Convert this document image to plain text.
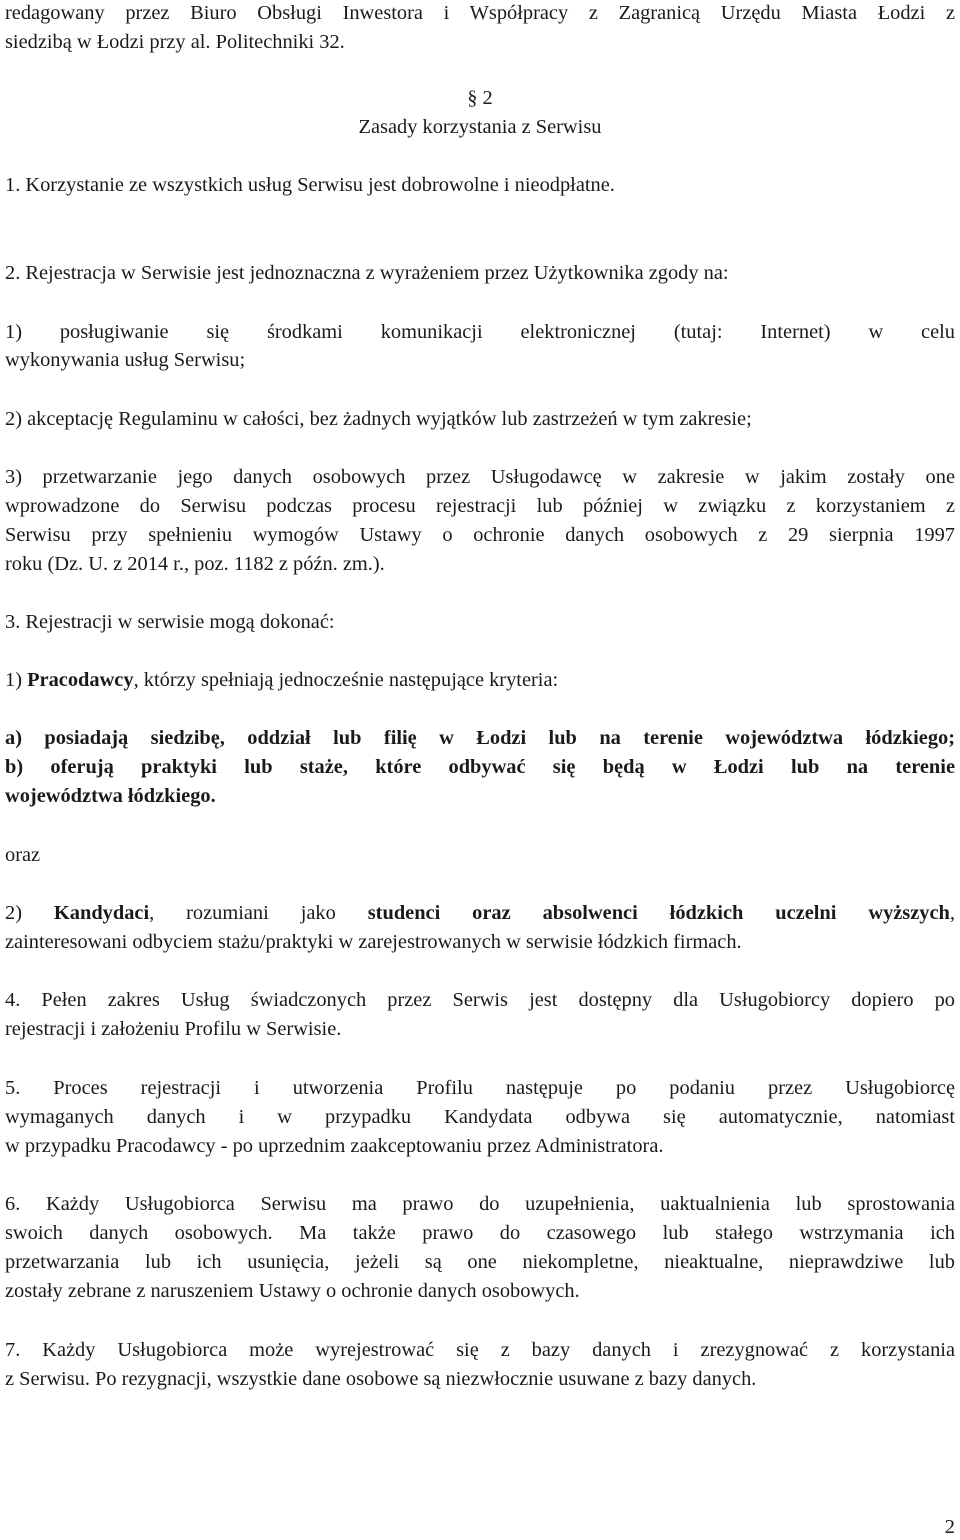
redagowany przez Biuro Obsługi Inwestora i Współpracy z Zagranicą Urzędu Miasta Łodzi z
siedzibą w Łodzi przy al. Politechniki 32.
§ 2
Zasady korzystania z Serwisu
1. Korzystanie ze wszystkich usług Serwisu jest dobrowolne i nieodpłatne.
2. Rejestracja w Serwisie jest jednoznaczna z wyrażeniem przez Użytkownika zgody na:
1) posługiwanie się środkami komunikacji elektronicznej (tutaj: Internet) w celu
wykonywania usług Serwisu;
2) akceptację Regulaminu w całości, bez żadnych wyjątków lub zastrzeżeń w tym zakresie;
3) przetwarzanie jego danych osobowych przez Usługodawcę w zakresie w jakim zostały one
wprowadzone do Serwisu podczas procesu rejestracji lub później w związku z korzystaniem z
Serwisu przy spełnieniu wymogów Ustawy o ochronie danych osobowych z 29 sierpnia 1997
roku (Dz. U. z 2014 r., poz. 1182 z późn. zm.).
3. Rejestracji w serwisie mogą dokonać:
1) Pracodawcy, którzy spełniają jednocześnie następujące kryteria:
a) posiadają siedzibę, oddział lub filię w Łodzi lub na terenie województwa łódzkiego;
b) oferują praktyki lub staże, które odbywać się będą w Łodzi lub na terenie
województwa łódzkiego.
oraz
2) Kandydaci, rozumiani jako studenci oraz absolwenci łódzkich uczelni wyższych,
zainteresowani odbyciem stażu/praktyki w zarejestrowanych w serwisie łódzkich firmach.
4. Pełen zakres Usług świadczonych przez Serwis jest dostępny dla Usługobiorcy dopiero po
rejestracji i założeniu Profilu w Serwisie.
5. Proces rejestracji i utworzenia Profilu następuje po podaniu przez Usługobiorcę
wymaganych danych i w przypadku Kandydata odbywa się automatycznie, natomiast
w przypadku Pracodawcy - po uprzednim zaakceptowaniu przez Administratora.
6. Każdy Usługobiorca Serwisu ma prawo do uzupełnienia, uaktualnienia lub sprostowania
swoich danych osobowych. Ma także prawo do czasowego lub stałego wstrzymania ich
przetwarzania lub ich usunięcia, jeżeli są one niekompletne, nieaktualne, nieprawdziwe lub
zostały zebrane z naruszeniem Ustawy o ochronie danych osobowych.
7. Każdy Usługobiorca może wyrejestrować się z bazy danych i zrezygnować z korzystania
z Serwisu. Po rezygnacji, wszystkie dane osobowe są niezwłocznie usuwane z bazy danych.
2
